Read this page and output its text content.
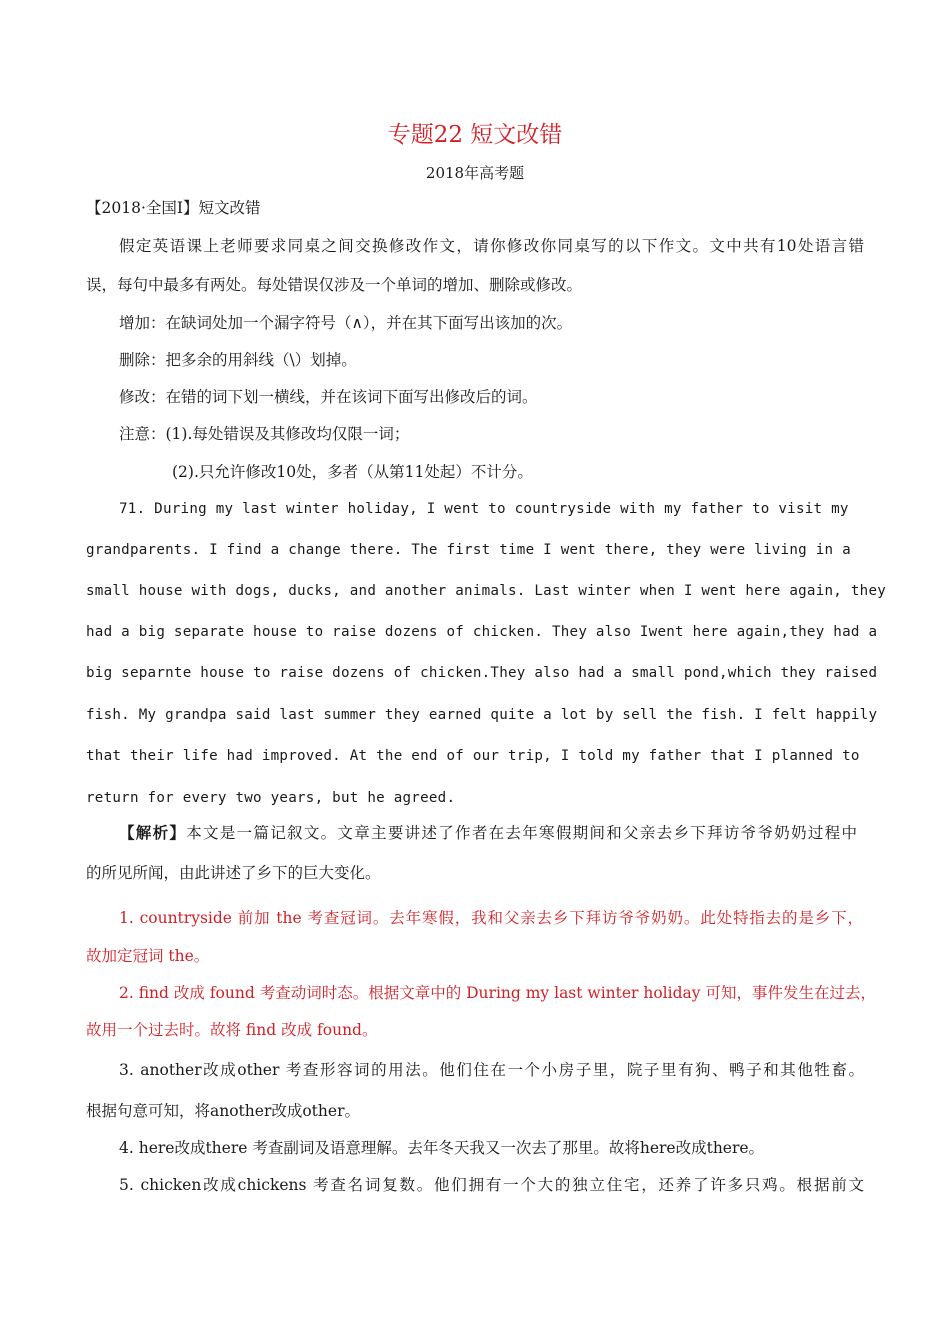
专题22 短文改错
2018年高考题
【2018·全国Ⅰ】短文改错
假定英语课上老师要求同桌之间交换修改作文，请你修改你同桌写的以下作文。文中共有10处语言错
误，每句中最多有两处。每处错误仅涉及一个单词的增加、删除或修改。
增加：在缺词处加一个漏字符号（∧），并在其下面写出该加的次。
删除：把多余的用斜线（\）划掉。
修改：在错的词下划一横线，并在该词下面写出修改后的词。
注意：(1).每处错误及其修改均仅限一词；
(2).只允许修改10处，多者（从第11处起）不计分。
71. During my last winter holiday, I went to countryside with my father to visit my
grandparents. I find a change there. The first time I went there, they were living in a
small house with dogs, ducks, and another animals. Last winter when I went here again, they
had a big separate house to raise dozens of chicken. They also Iwent here again,they had a
big separnte house to raise dozens of chicken.They also had a small pond,which they raised
fish. My grandpa said last summer they earned quite a lot by sell the fish. I felt happily
that their life had improved. At the end of our trip, I told my father that I planned to
return for every two years, but he agreed.
【解析】本文是一篇记叙文。文章主要讲述了作者在去年寒假期间和父亲去乡下拜访爷爷奶奶过程中
的所见所闻，由此讲述了乡下的巨大变化。
1. countryside 前加 the 考查冠词。去年寒假，我和父亲去乡下拜访爷爷奶奶。此处特指去的是乡下，
故加定冠词 the。
2. find 改成 found 考查动词时态。根据文章中的 During my last winter holiday 可知，事件发生在过去，
故用一个过去时。故将 find 改成 found。
3. another改成other 考查形容词的用法。他们住在一个小房子里，院子里有狗、鸭子和其他牲畜。
根据句意可知，将another改成other。
4. here改成there 考查副词及语意理解。去年冬天我又一次去了那里。故将here改成there。
5. chicken改成chickens 考查名词复数。他们拥有一个大的独立住宅，还养了许多只鸡。根据前文
